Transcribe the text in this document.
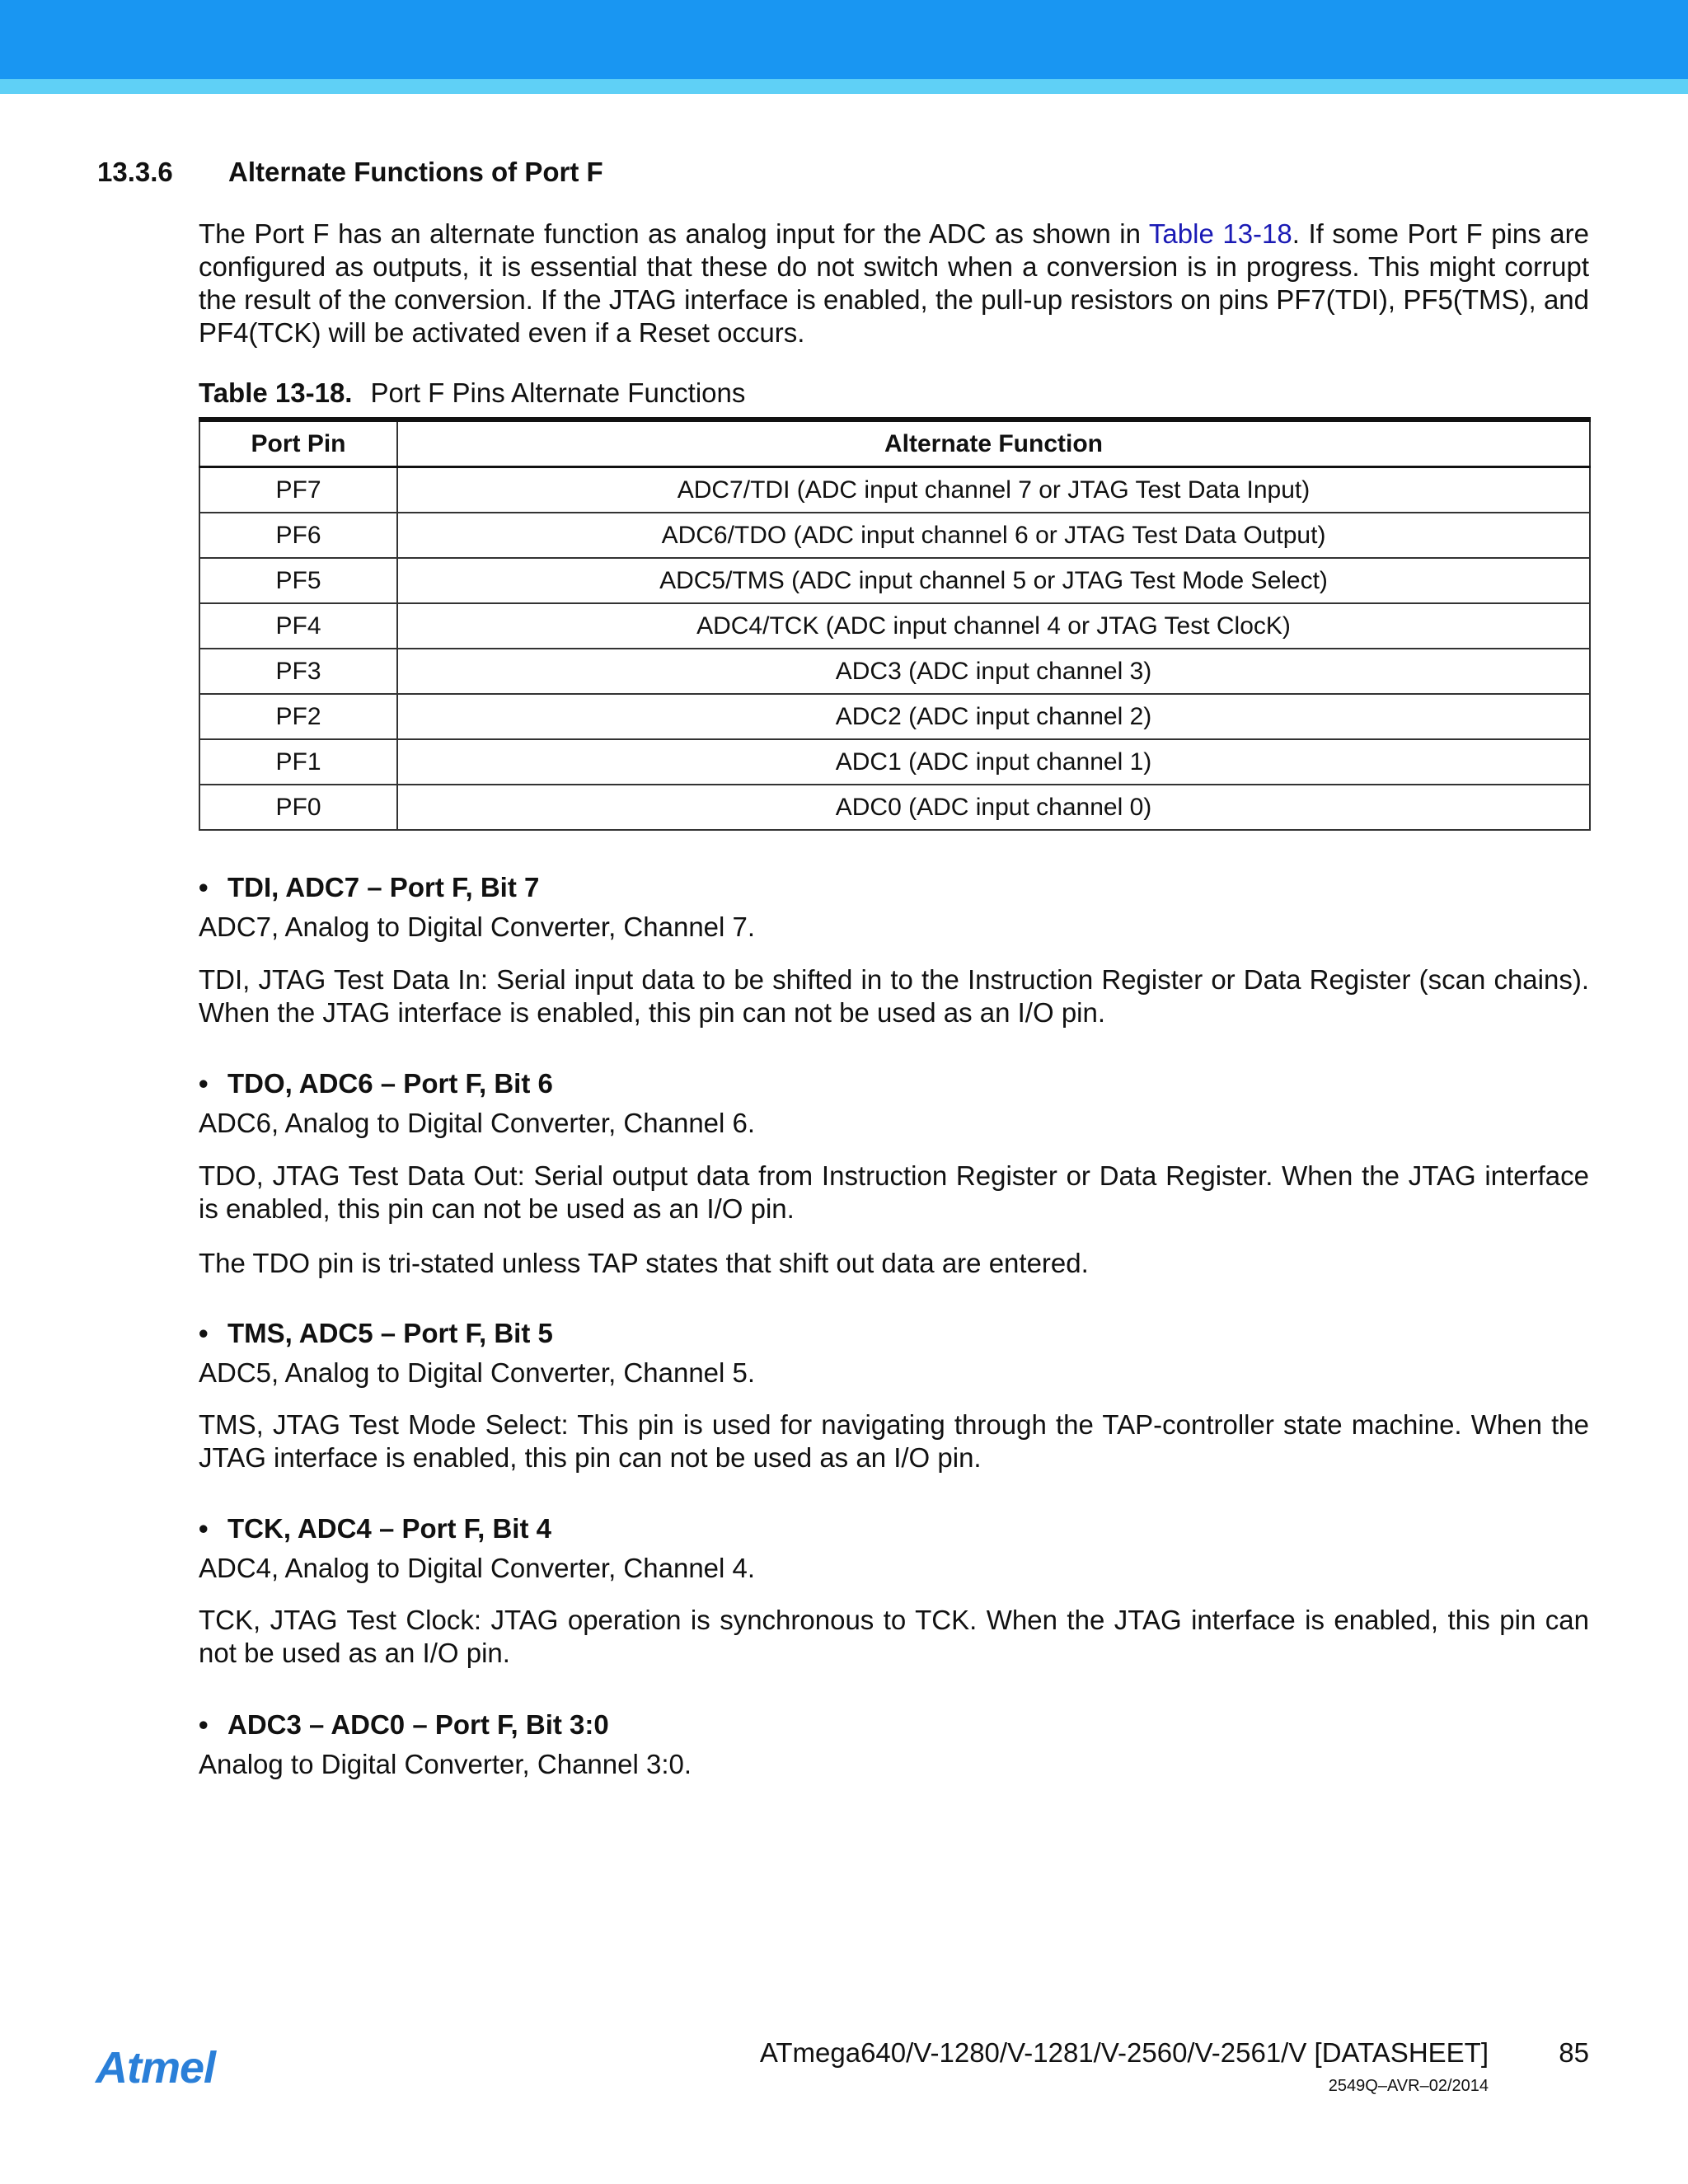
13.3.6 Alternate Functions of Port F

The Port F has an alternate function as analog input for the ADC as shown in Table 13-18. If some Port F pins are configured as outputs, it is essential that these do not switch when a conversion is in progress. This might corrupt the result of the conversion. If the JTAG interface is enabled, the pull-up resistors on pins PF7(TDI), PF5(TMS), and PF4(TCK) will be activated even if a Reset occurs.

Table 13-18. Port F Pins Alternate Functions
Port Pin	Alternate Function
PF7	ADC7/TDI (ADC input channel 7 or JTAG Test Data Input)
PF6	ADC6/TDO (ADC input channel 6 or JTAG Test Data Output)
PF5	ADC5/TMS (ADC input channel 5 or JTAG Test Mode Select)
PF4	ADC4/TCK (ADC input channel 4 or JTAG Test ClocK)
PF3	ADC3 (ADC input channel 3)
PF2	ADC2 (ADC input channel 2)
PF1	ADC1 (ADC input channel 1)
PF0	ADC0 (ADC input channel 0)
• TDI, ADC7 – Port F, Bit 7

ADC7, Analog to Digital Converter, Channel 7.

TDI, JTAG Test Data In: Serial input data to be shifted in to the Instruction Register or Data Register (scan chains). When the JTAG interface is enabled, this pin can not be used as an I/O pin.

• TDO, ADC6 – Port F, Bit 6

ADC6, Analog to Digital Converter, Channel 6.

TDO, JTAG Test Data Out: Serial output data from Instruction Register or Data Register. When the JTAG interface is enabled, this pin can not be used as an I/O pin.

The TDO pin is tri-stated unless TAP states that shift out data are entered.

• TMS, ADC5 – Port F, Bit 5

ADC5, Analog to Digital Converter, Channel 5.

TMS, JTAG Test Mode Select: This pin is used for navigating through the TAP-controller state machine. When the JTAG interface is enabled, this pin can not be used as an I/O pin.

• TCK, ADC4 – Port F, Bit 4

ADC4, Analog to Digital Converter, Channel 4.

TCK, JTAG Test Clock: JTAG operation is synchronous to TCK. When the JTAG interface is enabled, this pin can not be used as an I/O pin.

• ADC3 – ADC0 – Port F, Bit 3:0

Analog to Digital Converter, Channel 3:0.

Atmel	ATmega640/V-1280/V-1281/V-2560/V-2561/V [DATASHEET]	85
2549Q–AVR–02/2014
